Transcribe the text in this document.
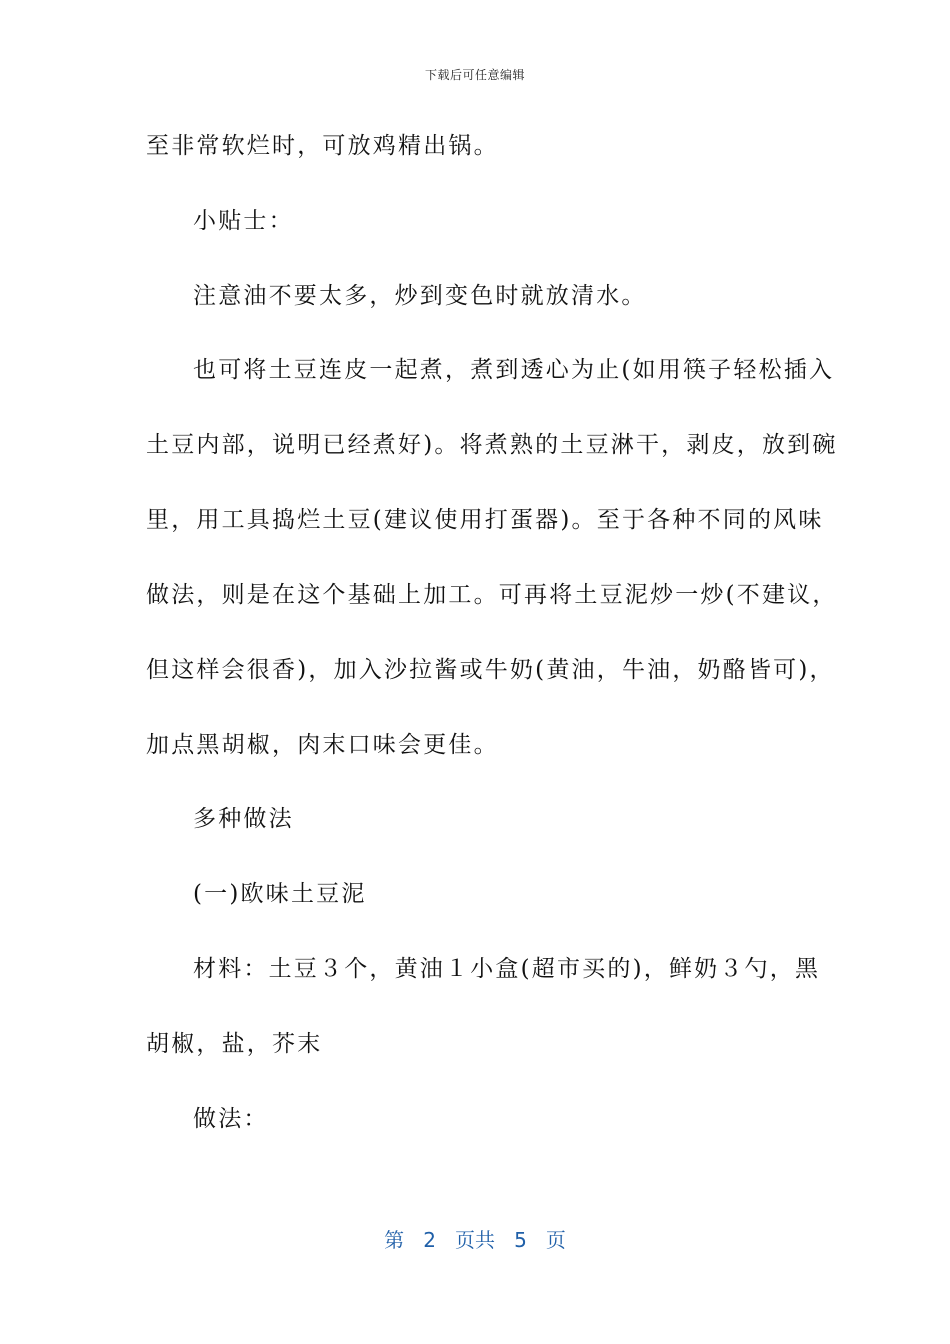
下载后可任意编辑
至非常软烂时，可放鸡精出锅。
小贴士：
注意油不要太多，炒到变色时就放清水。
也可将土豆连皮一起煮，煮到透心为止(如用筷子轻松插入
土豆内部，说明已经煮好)。将煮熟的土豆淋干，剥皮，放到碗
里，用工具捣烂土豆(建议使用打蛋器)。至于各种不同的风味
做法，则是在这个基础上加工。可再将土豆泥炒一炒(不建议，
但这样会很香)，加入沙拉酱或牛奶(黄油，牛油，奶酪皆可)，
加点黑胡椒，肉末口味会更佳。
多种做法
(一)欧味土豆泥
材料：土豆３个，黄油１小盒(超市买的)，鲜奶３勺，黑
胡椒，盐，芥末
做法：
第 2 页共 5 页
